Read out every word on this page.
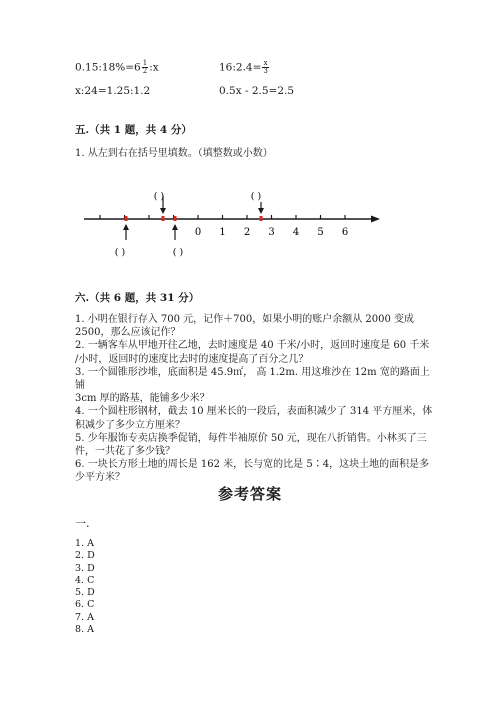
0.15:18%=6 $\frac{1}{2}$ :x	16:2.4= $\frac{x}{3}$
x:24=1.25:1.2	0.5x - 2.5=2.5
五.（共 1 题，共 4 分）
1. 从左到右在括号里填数。（填整数或小数）
0 1 2 3 4 5 6
( )	( )
( )	( )
六.（共 6 题，共 31 分）
1. 小明在银行存入 700 元，记作＋700，如果小明的账户余额从 2000 变成
2500，那么应该记作？
2. 一辆客车从甲地开往乙地，去时速度是 40 千米/小时，返回时速度是 60 千米
/小时，返回时的速度比去时的速度提高了百分之几？
3. 一个圆锥形沙堆，底面积是 45.9㎡， 高 1.2m. 用这堆沙在 12m 宽的路面上铺
3cm 厚的路基，能铺多少米？
4. 一个圆柱形钢材，截去 10 厘米长的一段后，表面积减少了 314 平方厘米，体
积减少了多少立方厘米？
5. 少年服饰专卖店换季促销，每件半袖原价 50 元，现在八折销售。小林买了三
件，一共花了多少钱？
6. 一块长方形土地的周长是 162 米，长与宽的比是 5∶4，这块土地的面积是多
少平方米？
参考答案
一.
1. A
2. D
3. D
4. C
5. D
6. C
7. A
8. A
